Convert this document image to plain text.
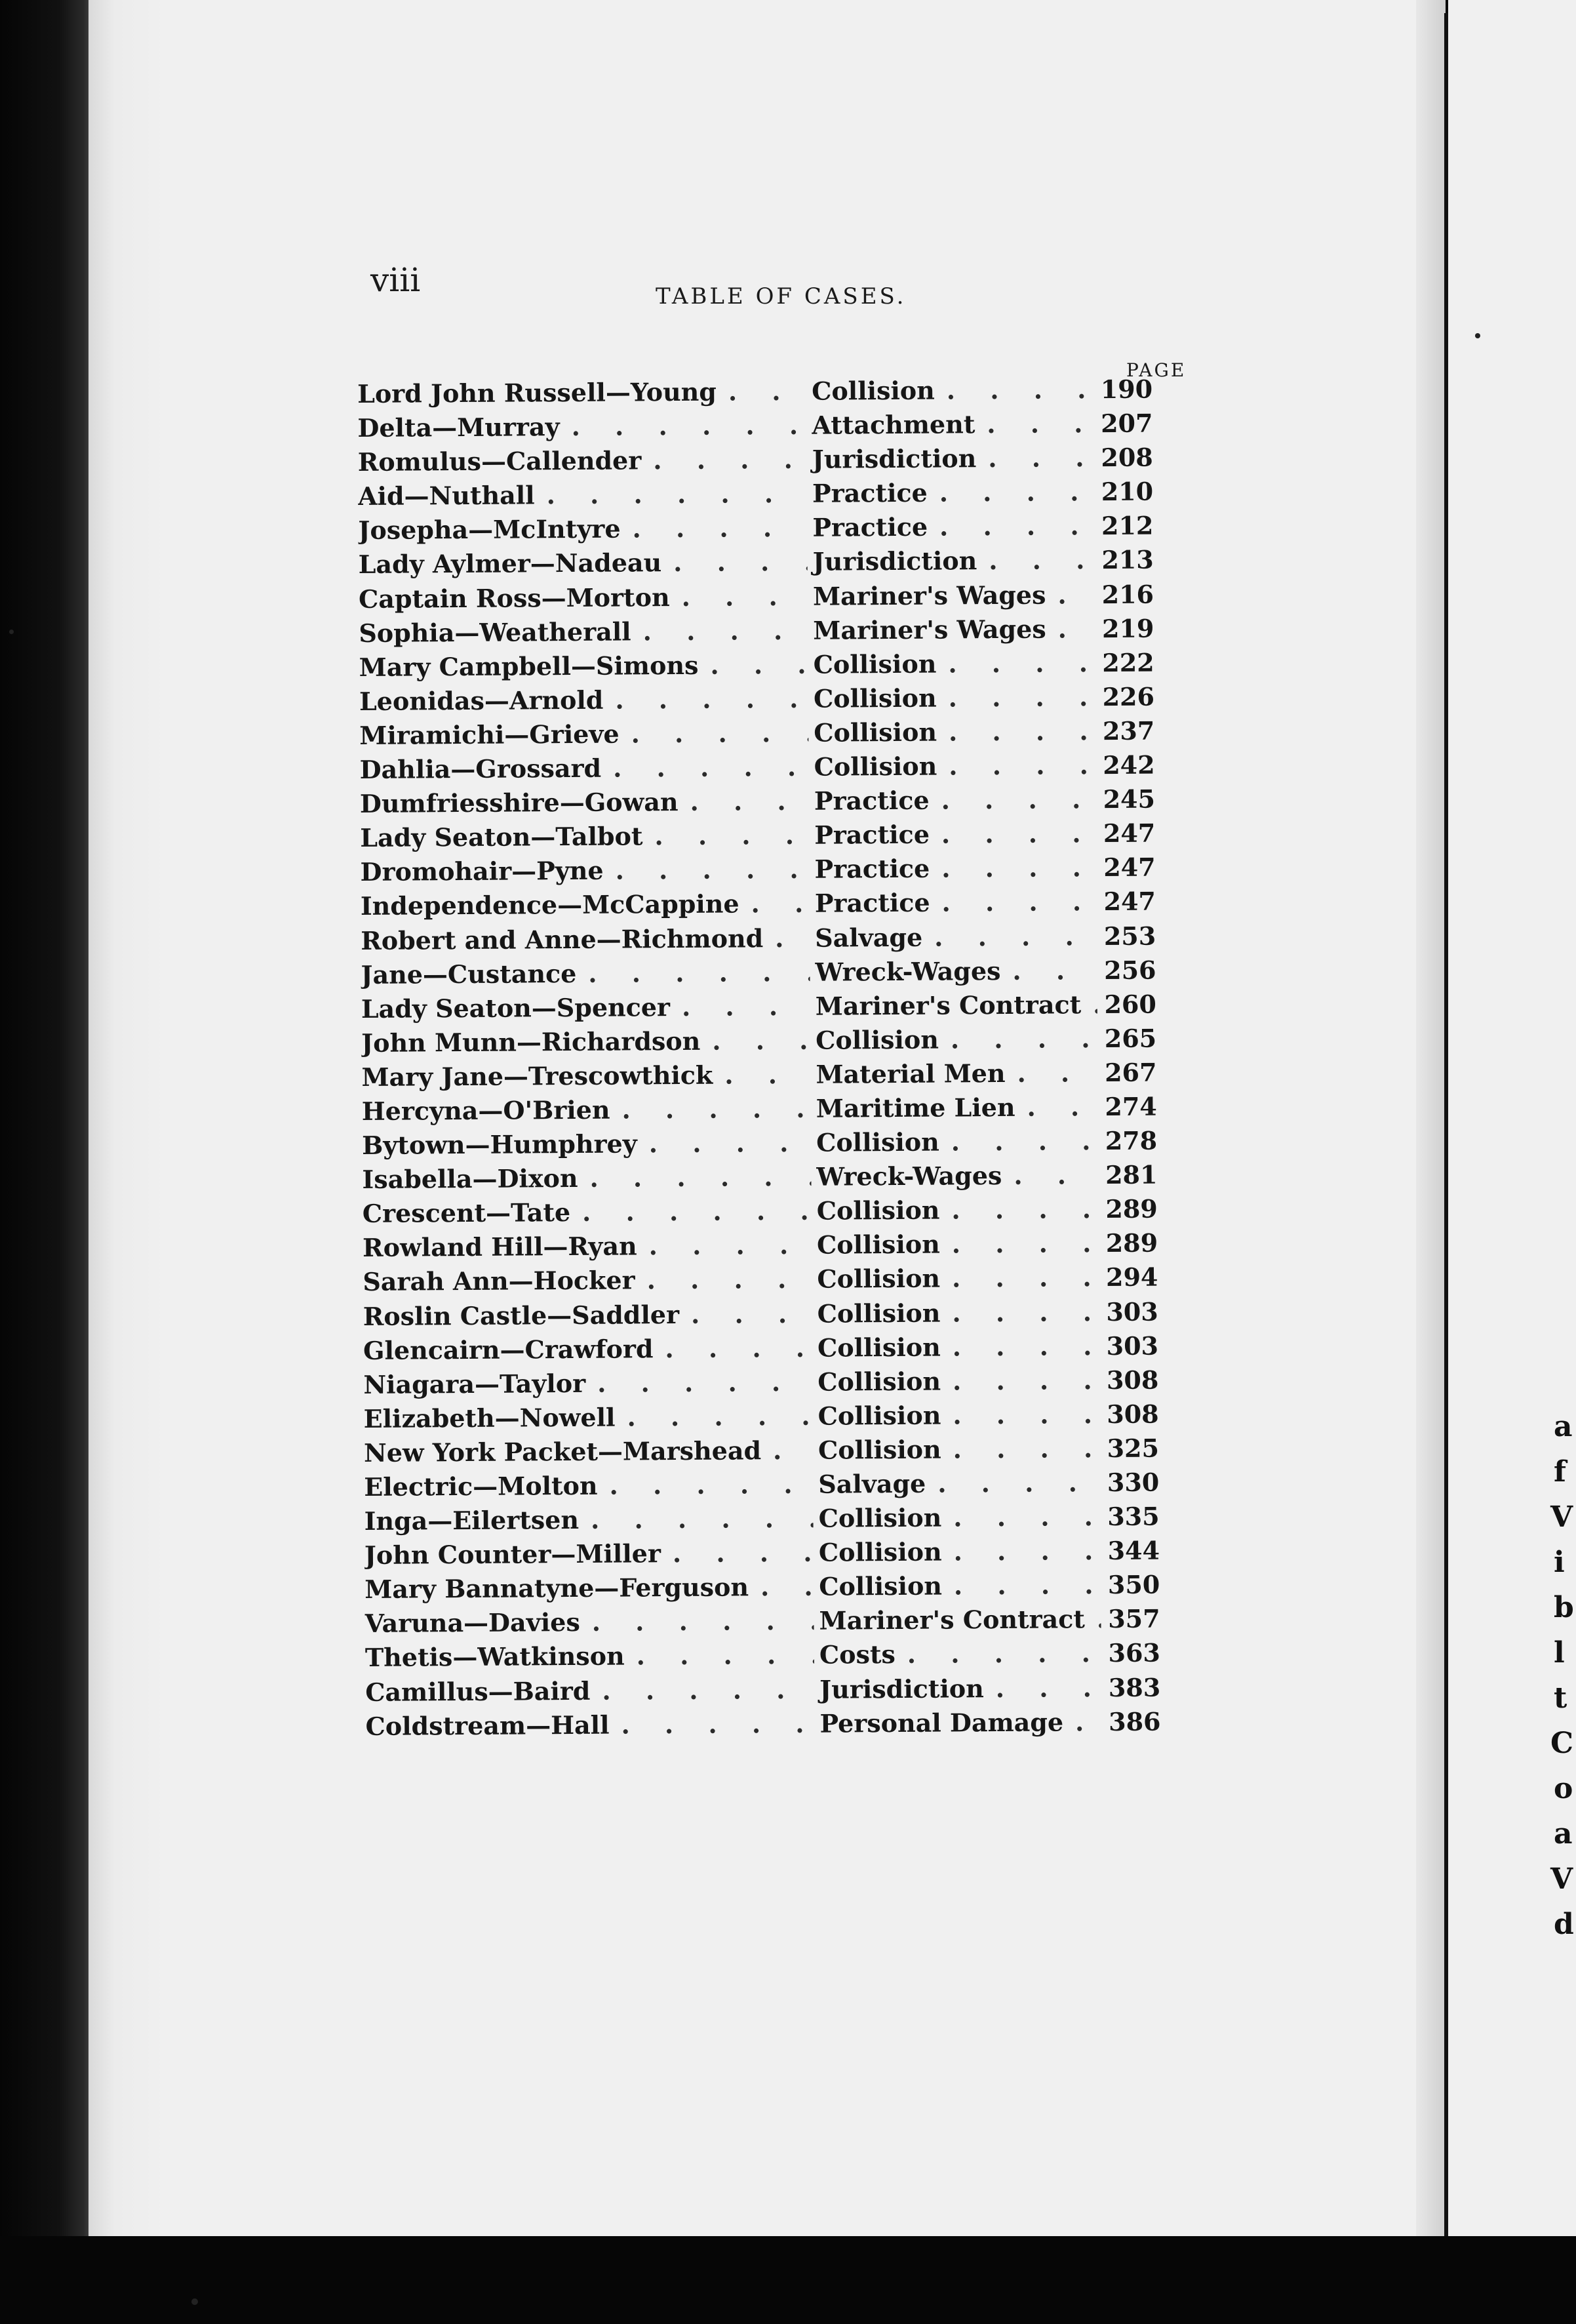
viii	TABLE OF CASES.
PAGE
Lord John Russell—Young . . .	Collision . . .	190
Delta—Murray . . .	Attachment . . .	207
Romulus—Callender . . .	Jurisdiction . . .	208
Aid—Nuthall . . .	Practice . . .	210
Josepha—McIntyre . . .	Practice . . .	212
Lady Aylmer—Nadeau . . .	Jurisdiction . . .	213
Captain Ross—Morton . . .	Mariner's Wages . . . 216
Sophia—Weatherall . . .	Mariner's Wages . . . 219
Mary Campbell—Simons . . .	Collision . . .	222
Leonidas—Arnold . . .	Collision . . .	226
Miramichi—Grieve . . .	Collision . . .	237
Dahlia—Grossard . . .	Collision . . .	242
Dumfriesshire—Gowan . . .	Practice . . .	245
Lady Seaton—Talbot . . .	Practice . . .	247
Dromohair—Pyne . . .	Practice . . .	247
Independence—McCappine . . .	Practice . . .	247
Robert and Anne—Richmond . . . Salvage . . .	253
Jane—Custance . . .	Wreck-Wages . . .	256
Lady Seaton—Spencer . . .	Mariner's Contract . . . 260
John Munn—Richardson . . .	Collision . . .	265
Mary Jane—Trescowthick . . .	Material Men . . .	267
Hercyna—O'Brien . . .	Maritime Lien . . .	274
Bytown—Humphrey . . .	Collision . . .	278
Isabella—Dixon . . .	Wreck-Wages . . .	281
Crescent—Tate . . .	Collision . . .	289
Rowland Hill—Ryan . . .	Collision . . .	289
Sarah Ann—Hocker . . .	Collision . . .	294
Roslin Castle—Saddler . . .	Collision . . .	303
Glencairn—Crawford . . .	Collision . . .	303
Niagara—Taylor . . .	Collision . . .	308
Elizabeth—Nowell . . .	Collision . . .	308
New York Packet—Marshead . . . Collision . . .	325
Electric—Molton . . .	Salvage . . .	330
Inga—Eilertsen . . .	Collision . . .	335
John Counter—Miller . . .	Collision . . .	344
Mary Bannatyne—Ferguson . . .	Collision . . .	350
Varuna—Davies . . .	Mariner's Contract . . . 357
Thetis—Watkinson . . .	Costs . . .	363
Camillus—Baird . . .	Jurisdiction . . .	383
Coldstream—Hall . . .	Personal Damage . . . 386
a
f
V
i
b
l
t
C
o
a
V
d
